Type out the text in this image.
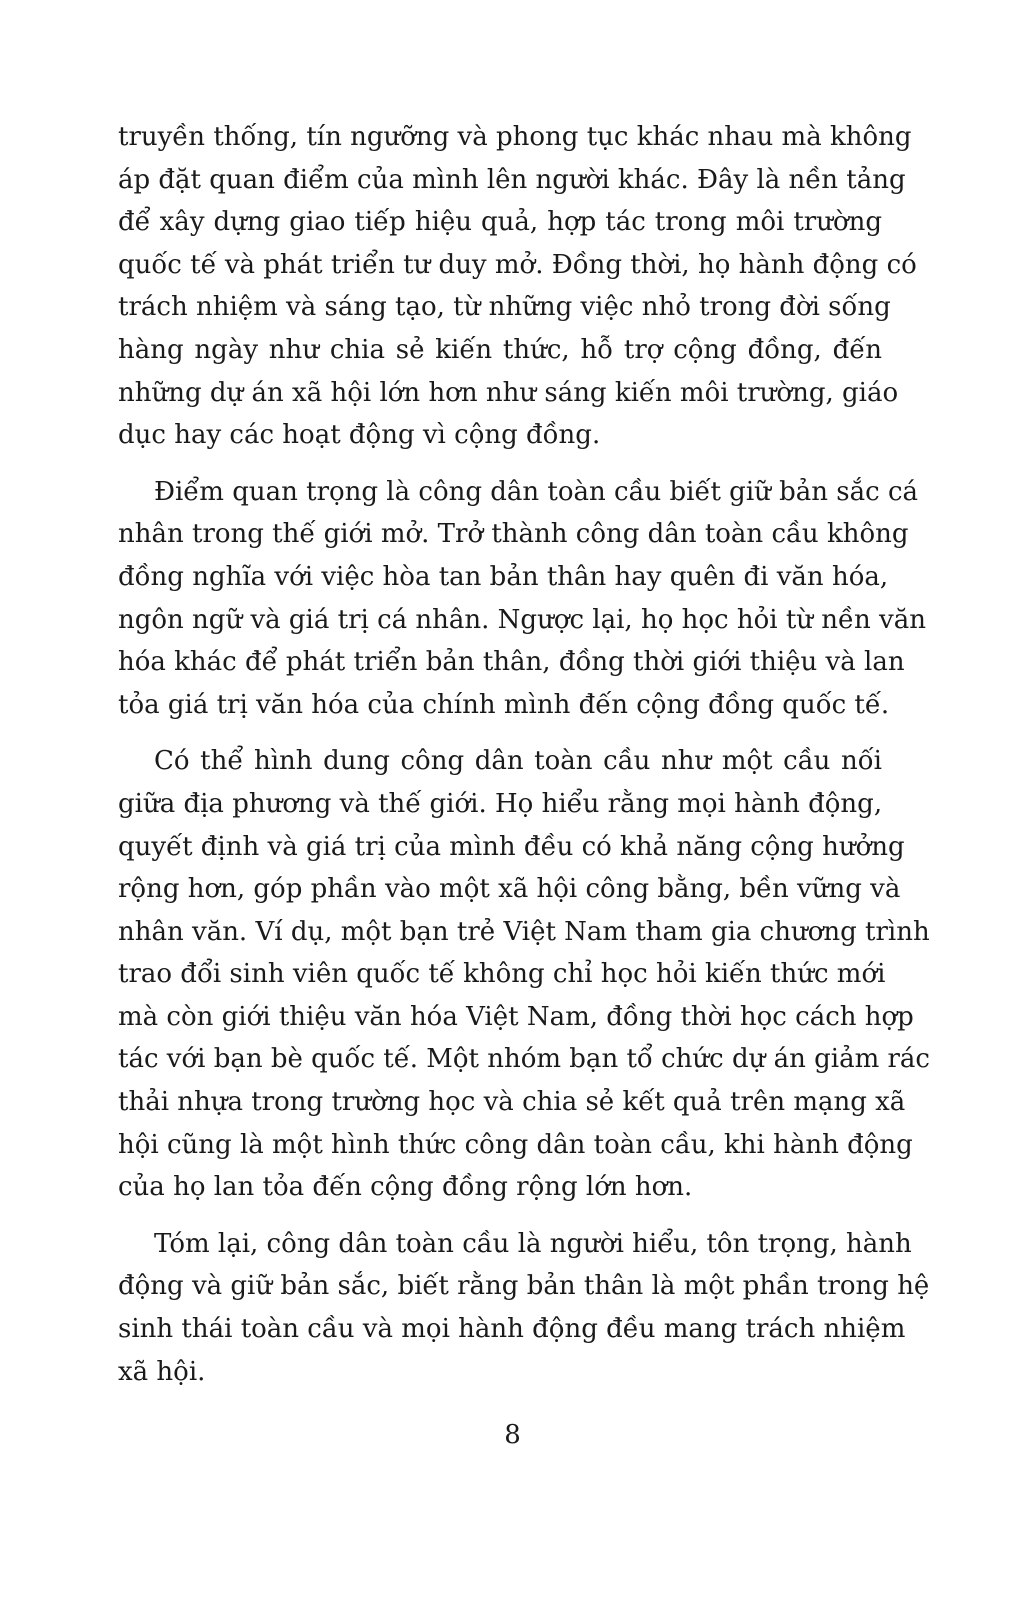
truyền thống, tín ngưỡng và phong tục khác nhau mà không
áp đặt quan điểm của mình lên người khác. Đây là nền tảng
để xây dựng giao tiếp hiệu quả, hợp tác trong môi trường
quốc tế và phát triển tư duy mở. Đồng thời, họ hành động có
trách nhiệm và sáng tạo, từ những việc nhỏ trong đời sống
hàng ngày như chia sẻ kiến thức, hỗ trợ cộng đồng, đến
những dự án xã hội lớn hơn như sáng kiến môi trường, giáo
dục hay các hoạt động vì cộng đồng.

Điểm quan trọng là công dân toàn cầu biết giữ bản sắc cá
nhân trong thế giới mở. Trở thành công dân toàn cầu không
đồng nghĩa với việc hòa tan bản thân hay quên đi văn hóa,
ngôn ngữ và giá trị cá nhân. Ngược lại, họ học hỏi từ nền văn
hóa khác để phát triển bản thân, đồng thời giới thiệu và lan
tỏa giá trị văn hóa của chính mình đến cộng đồng quốc tế.

Có thể hình dung công dân toàn cầu như một cầu nối
giữa địa phương và thế giới. Họ hiểu rằng mọi hành động,
quyết định và giá trị của mình đều có khả năng cộng hưởng
rộng hơn, góp phần vào một xã hội công bằng, bền vững và
nhân văn. Ví dụ, một bạn trẻ Việt Nam tham gia chương trình
trao đổi sinh viên quốc tế không chỉ học hỏi kiến thức mới
mà còn giới thiệu văn hóa Việt Nam, đồng thời học cách hợp
tác với bạn bè quốc tế. Một nhóm bạn tổ chức dự án giảm rác
thải nhựa trong trường học và chia sẻ kết quả trên mạng xã
hội cũng là một hình thức công dân toàn cầu, khi hành động
của họ lan tỏa đến cộng đồng rộng lớn hơn.

Tóm lại, công dân toàn cầu là người hiểu, tôn trọng, hành
động và giữ bản sắc, biết rằng bản thân là một phần trong hệ
sinh thái toàn cầu và mọi hành động đều mang trách nhiệm
xã hội.

8
